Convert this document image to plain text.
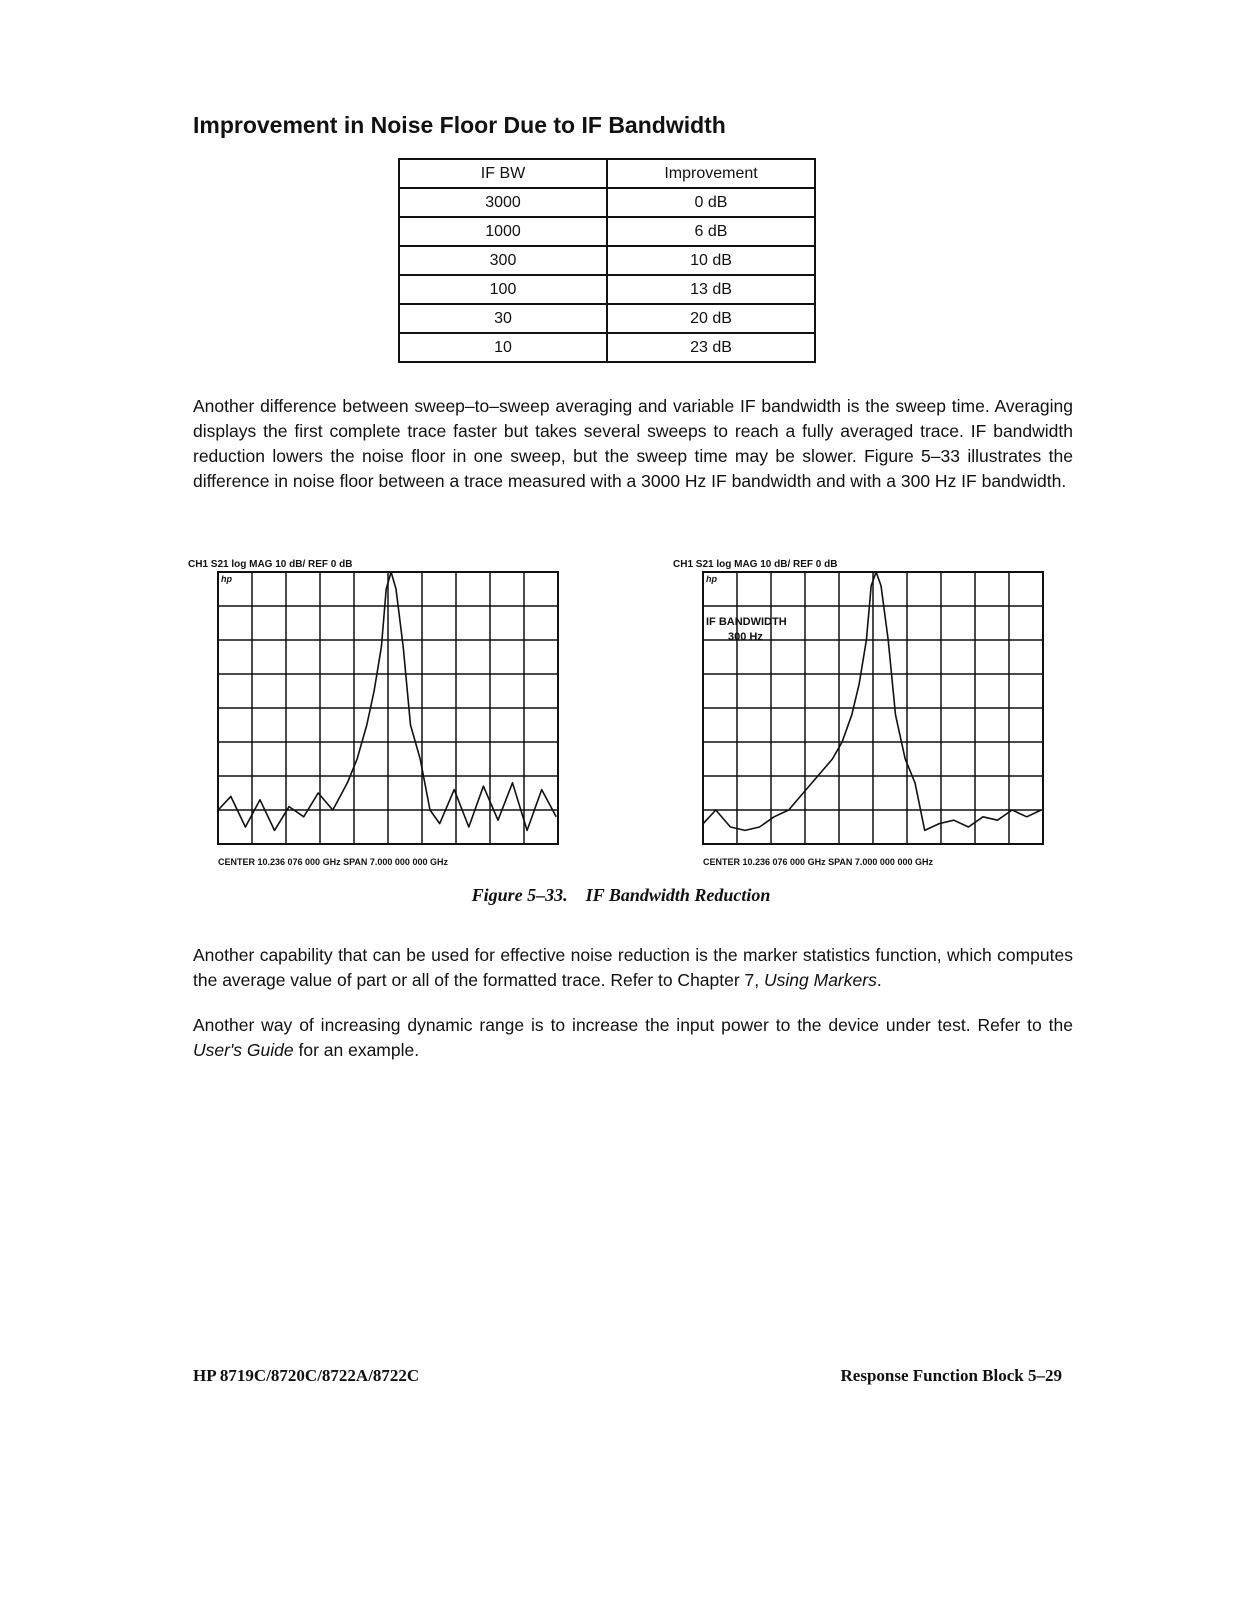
Improvement in Noise Floor Due to IF Bandwidth
IF BW	Improvement
3000	0 dB
1000	6 dB
300	10 dB
100	13 dB
30	20 dB
10	23 dB

Another difference between sweep–to–sweep averaging and variable IF bandwidth is the sweep time. Averaging displays the first complete trace faster but takes several sweeps to reach a fully averaged trace. IF bandwidth reduction lowers the noise floor in one sweep, but the sweep time may be slower. Figure 5–33 illustrates the difference in noise floor between a trace measured with a 3000 Hz IF bandwidth and with a 300 Hz IF bandwidth.

CH1 S21 log MAG 10 dB/ REF 0 dB
hp
CENTER 10.236 076 000 GHz SPAN 7.000 000 000 GHz
CH1 S21 log MAG 10 dB/ REF 0 dB
hp
IF BANDWIDTH
300 Hz
CENTER 10.236 076 000 GHz SPAN 7.000 000 000 GHz
Figure 5–33. IF Bandwidth Reduction

Another capability that can be used for effective noise reduction is the marker statistics function, which computes the average value of part or all of the formatted trace. Refer to Chapter 7, Using Markers.

Another way of increasing dynamic range is to increase the input power to the device under test. Refer to the User's Guide for an example.

HP 8719C/8720C/8722A/8722C	Response Function Block 5–29
